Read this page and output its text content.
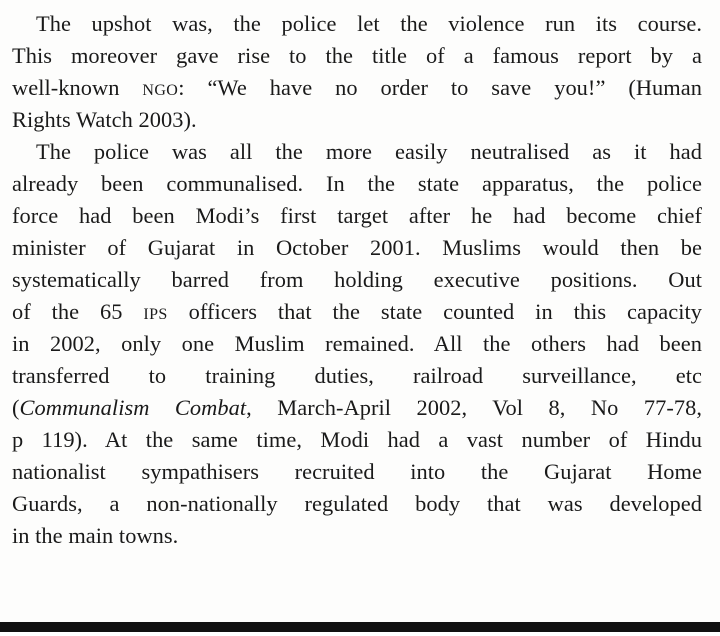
The upshot was, the police let the violence run its course.
This moreover gave rise to the title of a famous report by a
well-known ngo: “We have no order to save you!” (Human
Rights Watch 2003).
The police was all the more easily neutralised as it had
already been communalised. In the state apparatus, the police
force had been Modi’s first target after he had become chief
minister of Gujarat in October 2001. Muslims would then be
systematically barred from holding executive positions. Out
of the 65 ips officers that the state counted in this capacity
in 2002, only one Muslim remained. All the others had been
transferred to training duties, railroad surveillance, etc
(Communalism Combat, March-April 2002, Vol 8, No 77-78,
p 119). At the same time, Modi had a vast number of Hindu
nationalist sympathisers recruited into the Gujarat Home
Guards, a non-nationally regulated body that was developed
in the main towns.
